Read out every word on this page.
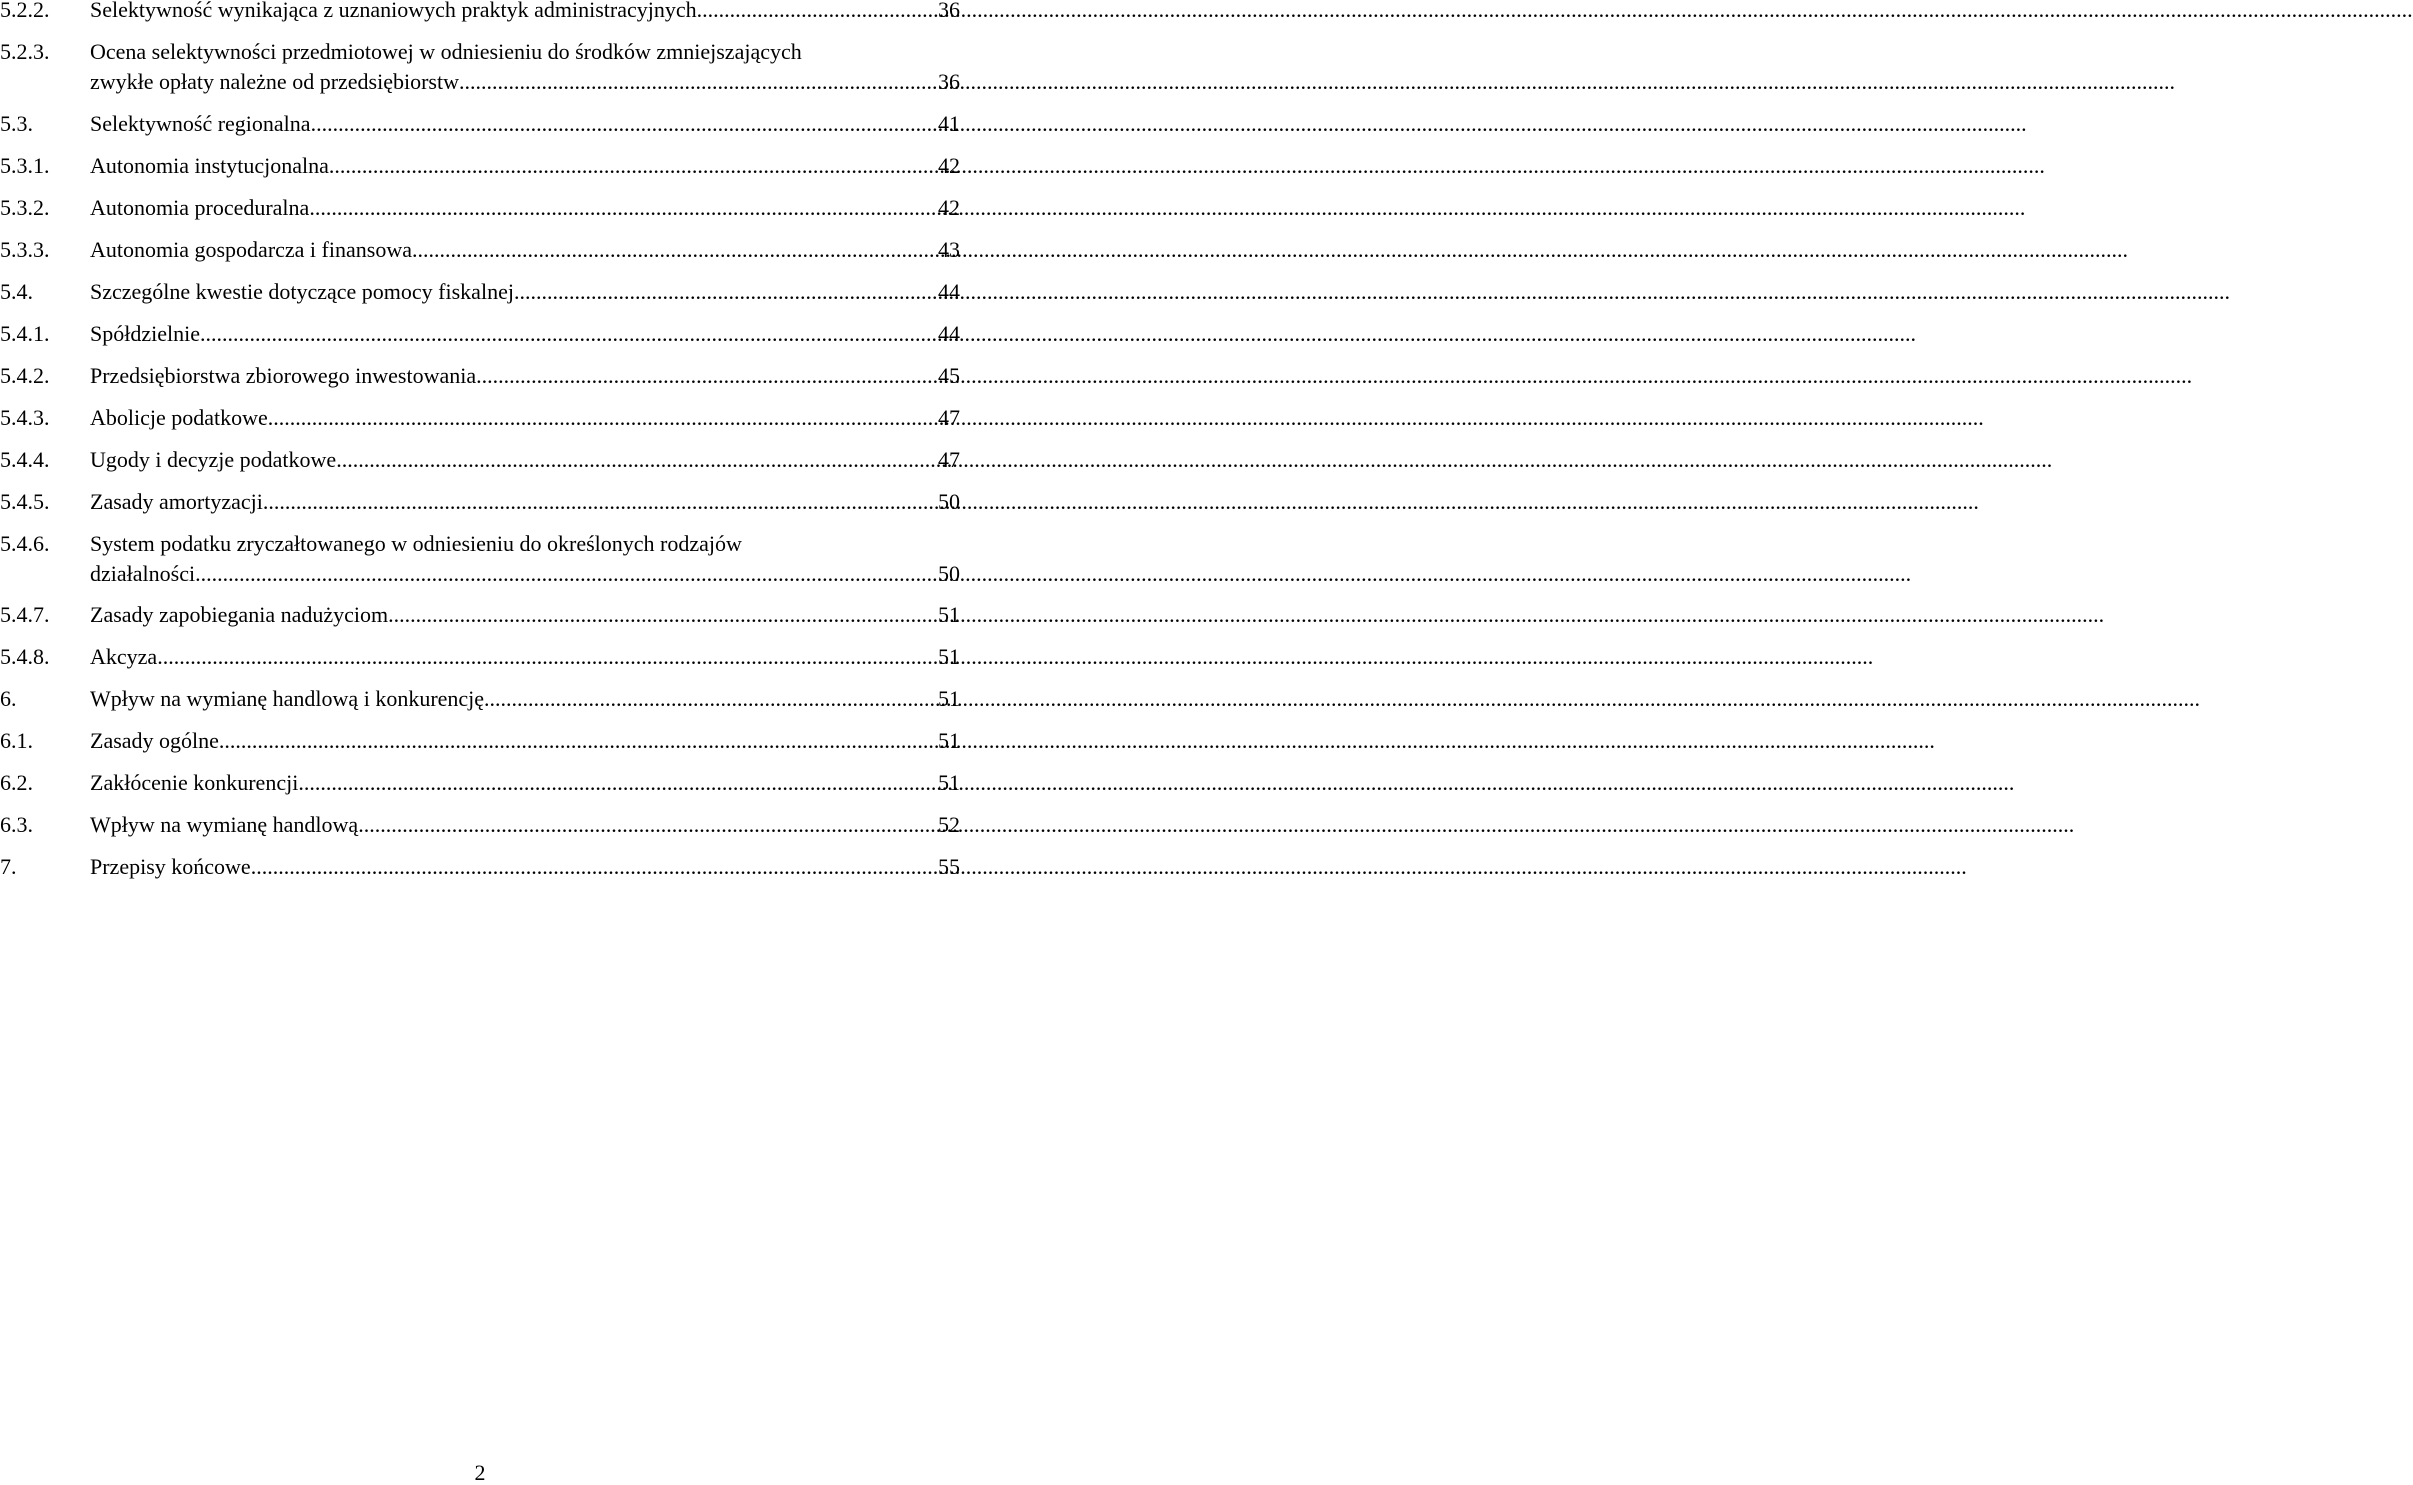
5.2.2. Selektywność wynikająca z uznaniowych praktyk administracyjnych .....	36
5.2.3. Ocena selektywności przedmiotowej w odniesieniu do środków zmniejszających
zwykłe opłaty należne od przedsiębiorstw .....	36
5.3.	Selektywność regionalna .....	41
5.3.1. Autonomia instytucjonalna .....	42
5.3.2. Autonomia proceduralna .....	42
5.3.3. Autonomia gospodarcza i finansowa .....	43
5.4.	Szczególne kwestie dotyczące pomocy fiskalnej .....	44
5.4.1. Spółdzielnie .....	44
5.4.2. Przedsiębiorstwa zbiorowego inwestowania .....	45
5.4.3. Abolicje podatkowe .....	47
5.4.4. Ugody i decyzje podatkowe .....	47
5.4.5. Zasady amortyzacji .....	50
5.4.6. System podatku zryczałtowanego w odniesieniu do określonych rodzajów
działalności .....	50
5.4.7. Zasady zapobiegania nadużyciom .....	51
5.4.8. Akcyza .....	51
6.	Wpływ na wymianę handlową i konkurencję .....	51
6.1.	Zasady ogólne .....	51
6.2.	Zakłócenie konkurencji .....	51
6.3.	Wpływ na wymianę handlową .....	52
7.	Przepisy końcowe .....	55
2
